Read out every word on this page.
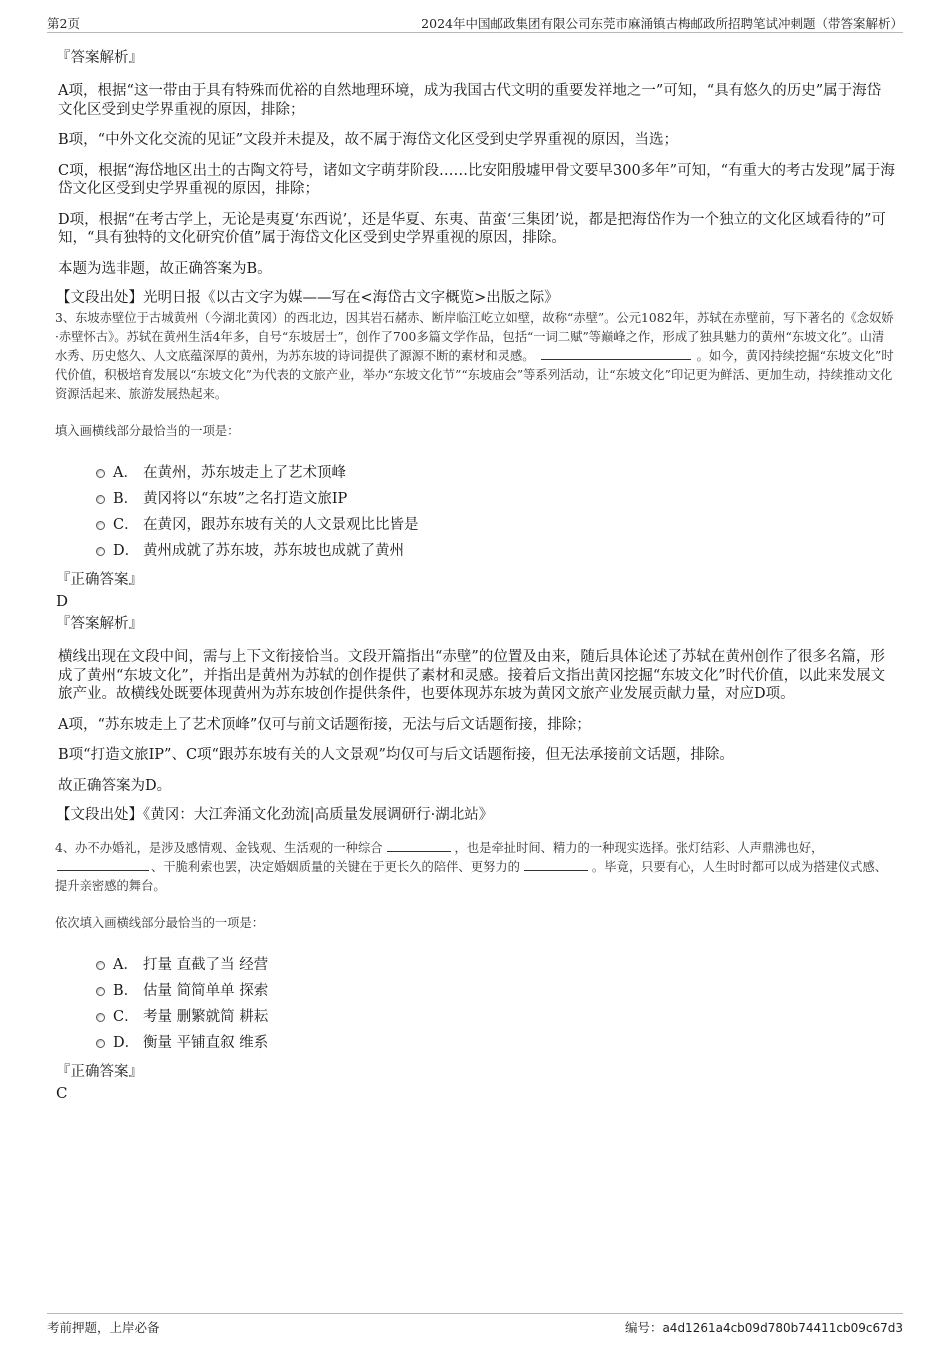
第2页	2024年中国邮政集团有限公司东莞市麻涌镇古梅邮政所招聘笔试冲刺题（带答案解析）
『答案解析』
A项，根据“这一带由于具有特殊而优裕的自然地理环境，成为我国古代文明的重要发祥地之一”可知，“具有悠久的历史”属于海岱文化区受到史学界重视的原因，排除；
B项，“中外文化交流的见证”文段并未提及，故不属于海岱文化区受到史学界重视的原因，当选；
C项，根据“海岱地区出土的古陶文符号，诸如文字萌芽阶段……比安阳殷墟甲骨文要早300多年”可知，“有重大的考古发现”属于海岱文化区受到史学界重视的原因，排除；
D项，根据“在考古学上，无论是夷夏‘东西说’，还是华夏、东夷、苗蛮‘三集团’说，都是把海岱作为一个独立的文化区域看待的”可知，“具有独特的文化研究价值”属于海岱文化区受到史学界重视的原因，排除。
本题为选非题，故正确答案为B。
【文段出处】光明日报《以古文字为媒——写在<海岱古文字概览>出版之际》
3、东坡赤壁位于古城黄州（今湖北黄冈）的西北边，因其岩石赭赤、断岸临江屹立如壁，故称“赤壁”。公元1082年，苏轼在赤壁前，写下著名的《念奴娇·赤壁怀古》。苏轼在黄州生活4年多，自号“东坡居士”，创作了700多篇文学作品，包括“一词二赋”等巅峰之作，形成了独具魅力的黄州“东坡文化”。山清水秀、历史悠久、人文底蕴深厚的黄州，为苏东坡的诗词提供了源源不断的素材和灵感。	。如今，黄冈持续挖掘“东坡文化”时代价值，积极培育发展以“东坡文化”为代表的文旅产业，举办“东坡文化节”“东坡庙会”等系列活动，让“东坡文化”印记更为鲜活、更加生动，持续推动文化资源活起来、旅游发展热起来。
填入画横线部分最恰当的一项是：
A． 在黄州，苏东坡走上了艺术顶峰
B． 黄冈将以“东坡”之名打造文旅IP
C． 在黄冈，跟苏东坡有关的人文景观比比皆是
D． 黄州成就了苏东坡，苏东坡也成就了黄州
『正确答案』
D
『答案解析』
横线出现在文段中间，需与上下文衔接恰当。文段开篇指出“赤壁”的位置及由来，随后具体论述了苏轼在黄州创作了很多名篇，形成了黄州“东坡文化”，并指出是黄州为苏轼的创作提供了素材和灵感。接着后文指出黄冈挖掘“东坡文化”时代价值，以此来发展文旅产业。故横线处既要体现黄州为苏东坡创作提供条件，也要体现苏东坡为黄冈文旅产业发展贡献力量，对应D项。
A项，“苏东坡走上了艺术顶峰”仅可与前文话题衔接，无法与后文话题衔接，排除；
B项“打造文旅IP”、C项“跟苏东坡有关的人文景观”均仅可与后文话题衔接，但无法承接前文话题，排除。
故正确答案为D。
【文段出处】《黄冈：大江奔涌文化劲流|高质量发展调研行·湖北站》
4、办不办婚礼，是涉及感情观、金钱观、生活观的一种综合	，也是牵扯时间、精力的一种现实选择。张灯结彩、人声鼎沸也好，、干脆利索也罢，决定婚姻质量的关键在于更长久的陪伴、更努力的	。毕竟，只要有心，人生时时都可以成为搭建仪式感、提升亲密感的舞台。
依次填入画横线部分最恰当的一项是：
A． 打量 直截了当 经营
B． 估量 简简单单 探索
C． 考量 删繁就简 耕耘
D． 衡量 平铺直叙 维系
『正确答案』
C
考前押题，上岸必备	编号：a4d1261a4cb09d780b74411cb09c67d3
